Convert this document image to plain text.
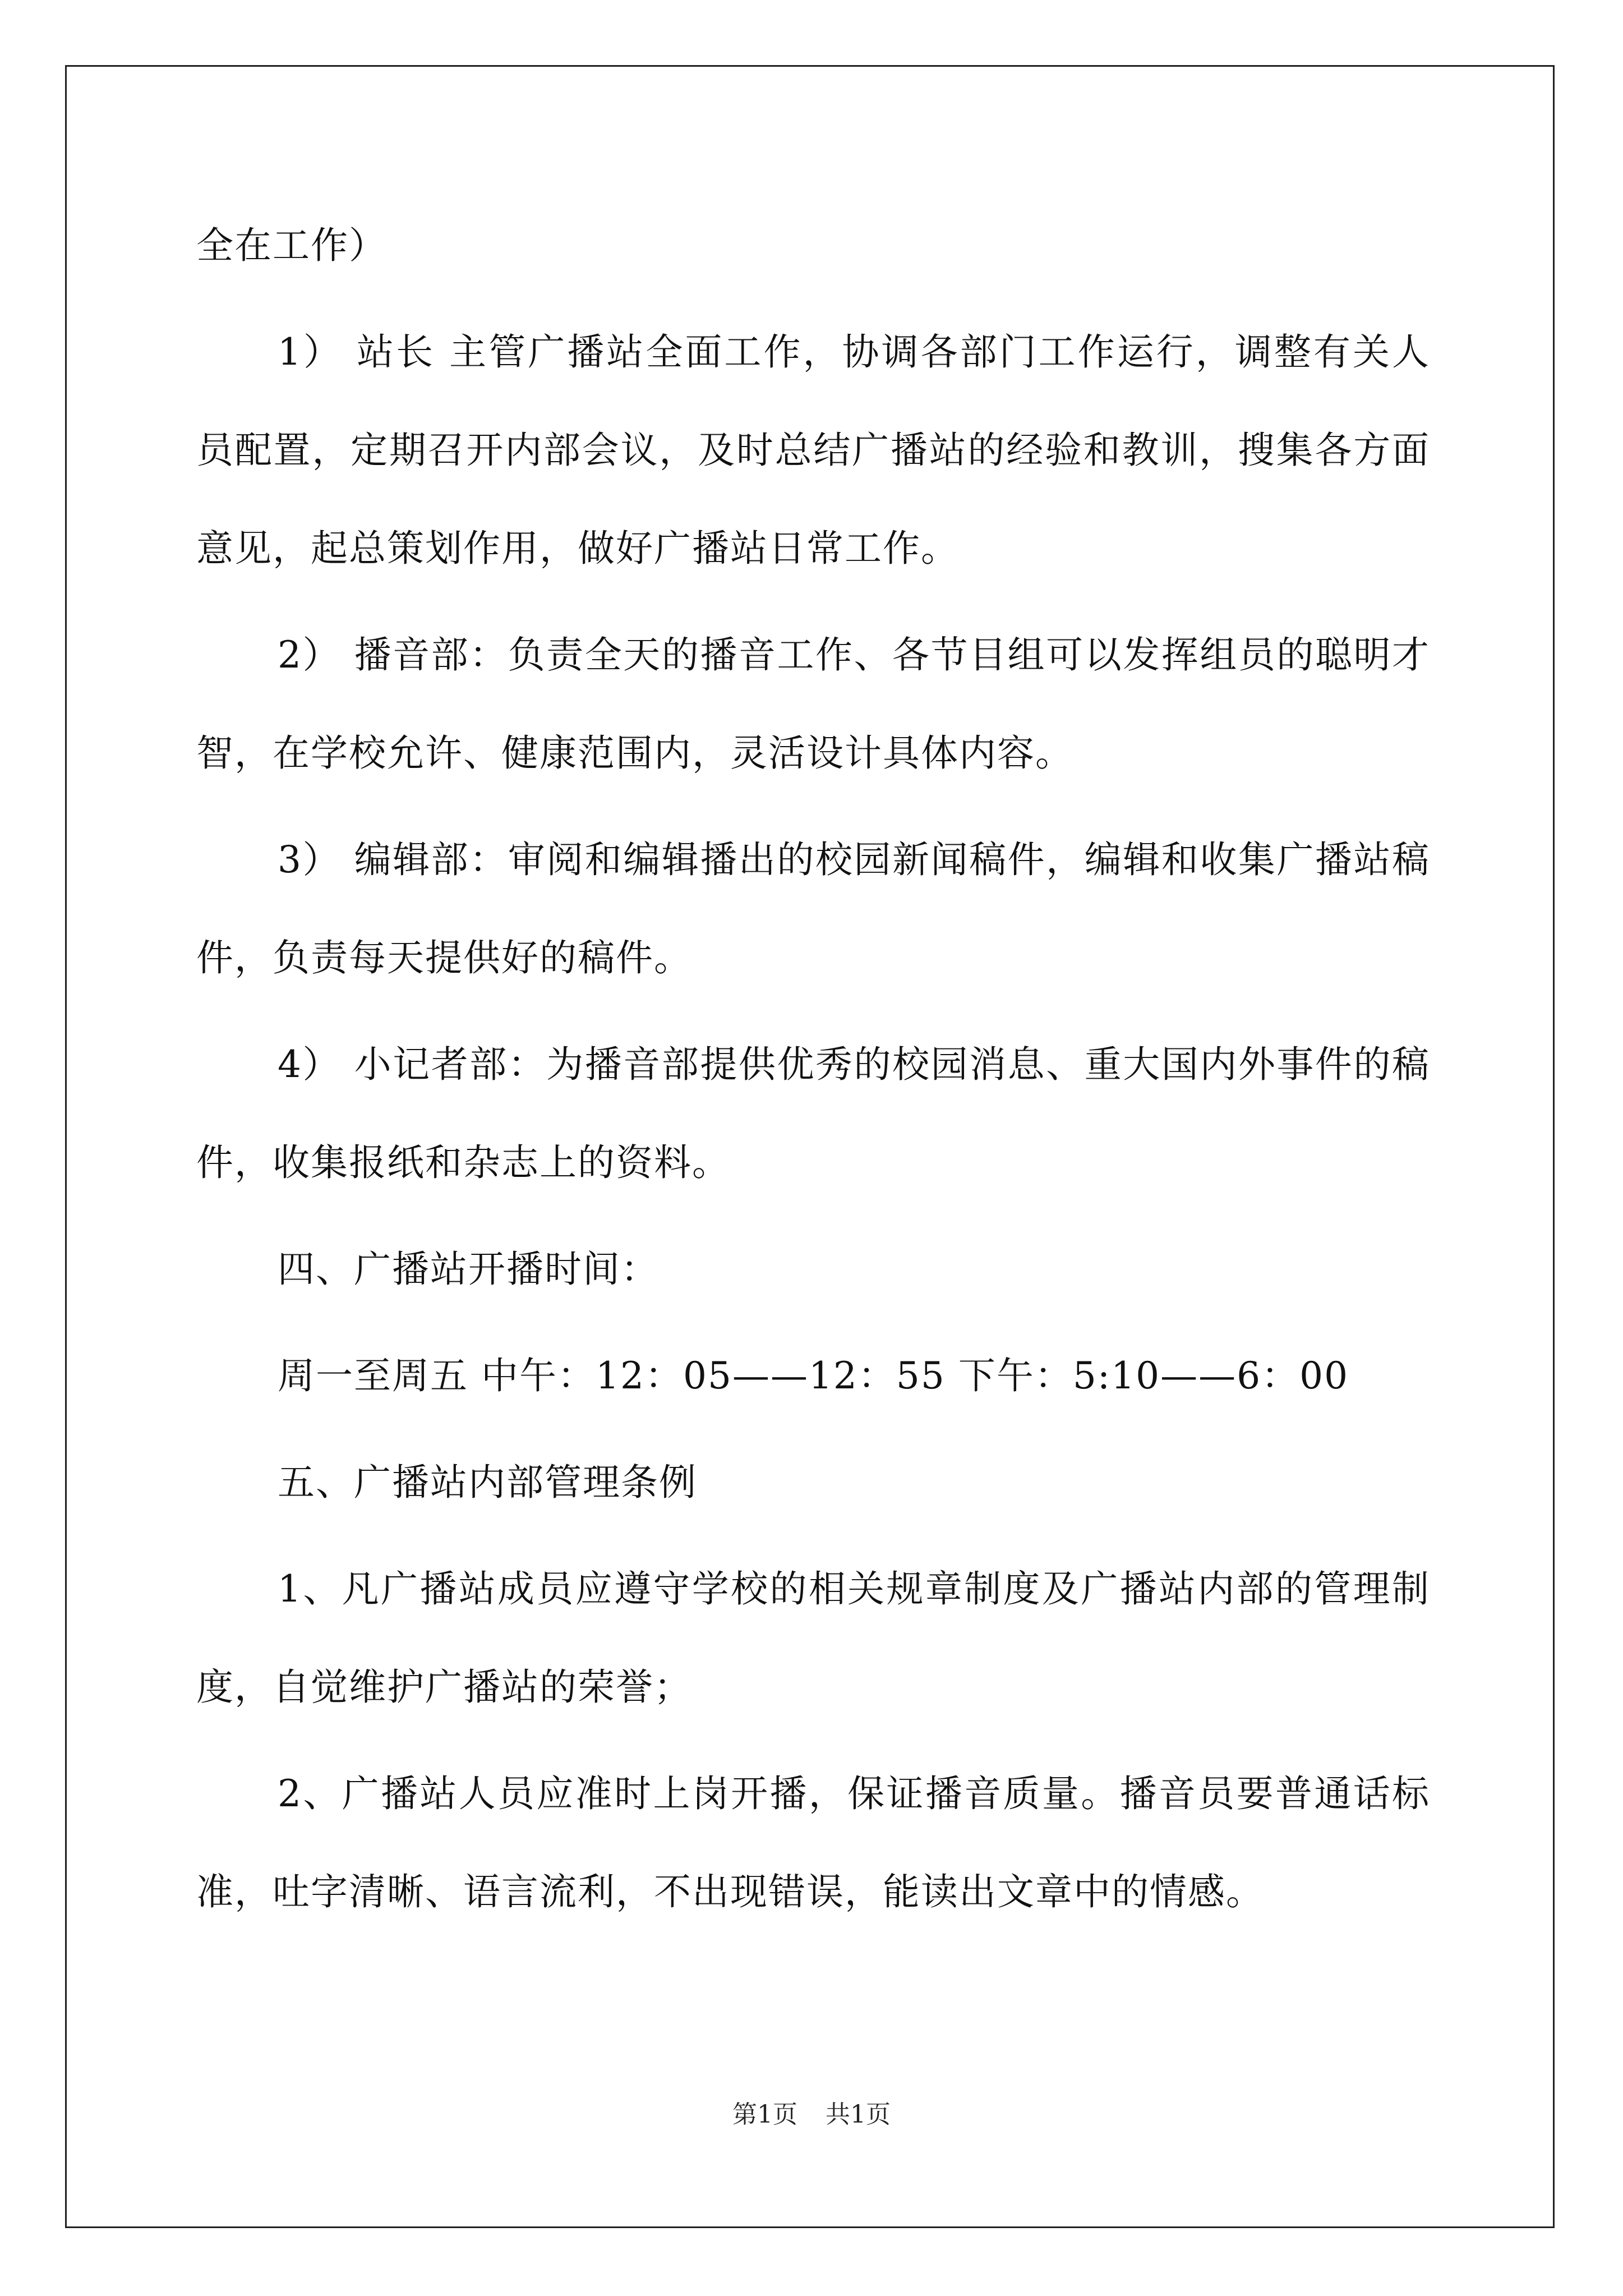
全在工作）

1） 站长 主管广播站全面工作，协调各部门工作运行，调整有关人员配置，定期召开内部会议，及时总结广播站的经验和教训，搜集各方面意见，起总策划作用，做好广播站日常工作。

2） 播音部：负责全天的播音工作、各节目组可以发挥组员的聪明才智，在学校允许、健康范围内，灵活设计具体内容。

3） 编辑部：审阅和编辑播出的校园新闻稿件，编辑和收集广播站稿件，负责每天提供好的稿件。

4） 小记者部：为播音部提供优秀的校园消息、重大国内外事件的稿件，收集报纸和杂志上的资料。

四、广播站开播时间：

周一至周五 中午：12：05——12：55 下午：5:10——6：00

五、广播站内部管理条例

1、凡广播站成员应遵守学校的相关规章制度及广播站内部的管理制度，自觉维护广播站的荣誉；

2、广播站人员应准时上岗开播，保证播音质量。播音员要普通话标准，吐字清晰、语言流利，不出现错误，能读出文章中的情感。

第1页 共1页
